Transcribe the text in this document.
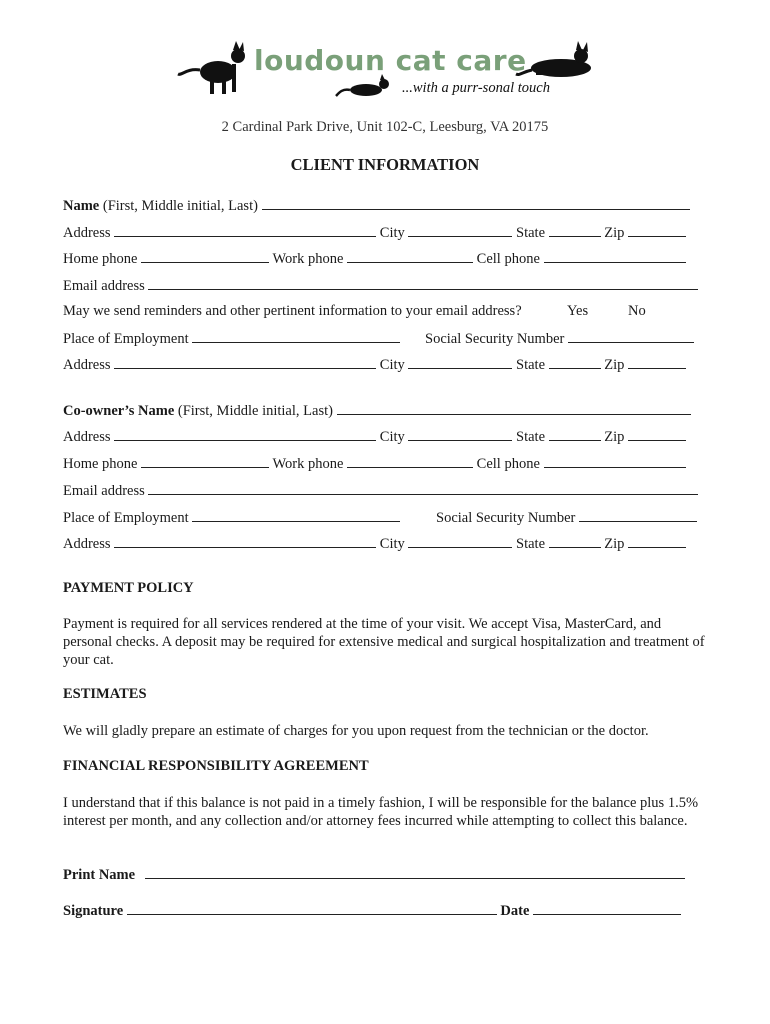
loudoun cat care
...with a purr-sonal touch
2 Cardinal Park Drive, Unit 102-C, Leesburg, VA 20175
CLIENT INFORMATION
Name (First, Middle initial, Last)
Address	City	State	Zip
Home phone	Work phone	Cell phone
Email address
May we send reminders and other pertinent information to your email address?	Yes	No
Place of Employment	Social Security Number
Address	City	State	Zip
Co-owner’s Name (First, Middle initial, Last)
Address	City	State	Zip
Home phone	Work phone	Cell phone
Email address
Place of Employment	Social Security Number
Address	City	State	Zip
PAYMENT POLICY
Payment is required for all services rendered at the time of your visit. We accept Visa, MasterCard, and personal checks. A deposit may be required for extensive medical and surgical hospitalization and treatment of your cat.
ESTIMATES
We will gladly prepare an estimate of charges for you upon request from the technician or the doctor.
FINANCIAL RESPONSIBILITY AGREEMENT
I understand that if this balance is not paid in a timely fashion, I will be responsible for the balance plus 1.5% interest per month, and any collection and/or attorney fees incurred while attempting to collect this balance.
Print Name
Signature	Date
